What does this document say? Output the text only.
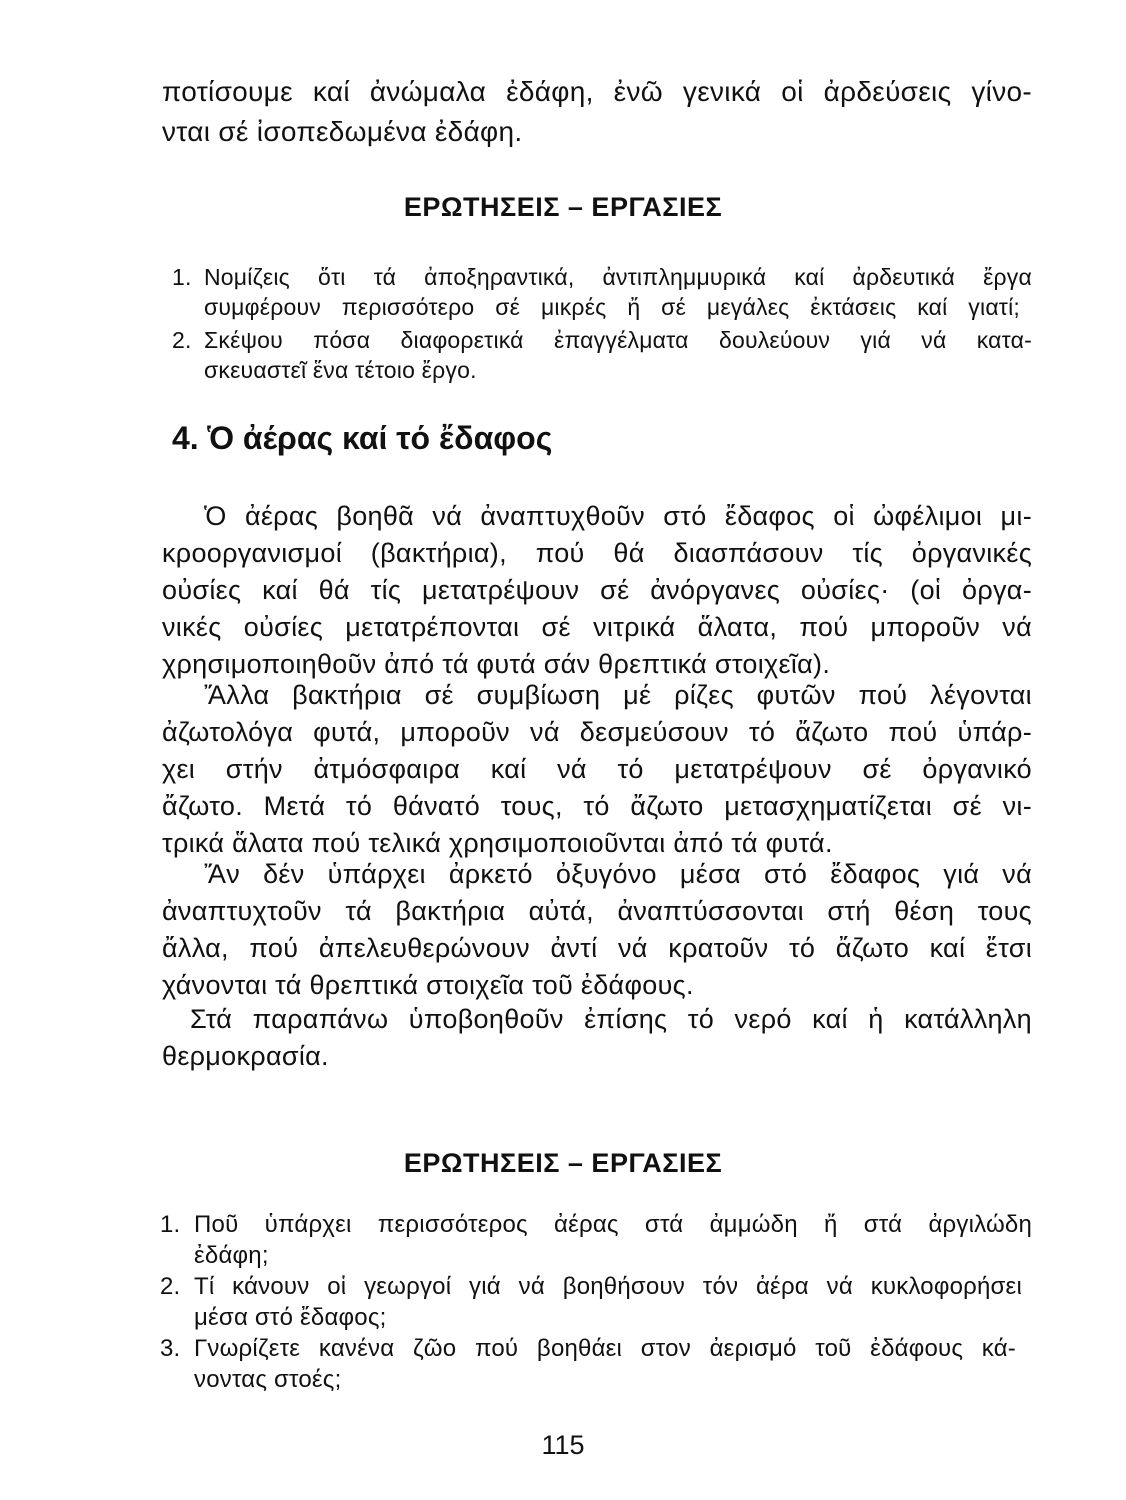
ποτίσουμε καί ἀνώμαλα ἐδάφη, ἐνῶ γενικά οἱ ἀρδεύσεις γίνο-
νται σέ ἰσοπεδωμένα ἐδάφη.
ΕΡΩΤΗΣΕΙΣ – ΕΡΓΑΣΙΕΣ
1. Νομίζεις ὅτι τά ἀποξηραντικά, ἀντιπλημμυρικά καί ἀρδευτικά ἔργα
συμφέρουν περισσότερο σέ μικρές ἤ σέ μεγάλες ἐκτάσεις καί γιατί;
2. Σκέψου πόσα διαφορετικά ἐπαγγέλματα δουλεύουν γιά νά κατα-
σκευαστεῖ ἕνα τέτοιο ἔργο.
4. Ὁ ἀέρας καί τό ἔδαφος
Ὁ ἀέρας βοηθᾶ νά ἀναπτυχθοῦν στό ἔδαφος οἱ ὠφέλιμοι μι-
κροοργανισμοί (βακτήρια), πού θά διασπάσουν τίς ὀργανικές
οὐσίες καί θά τίς μετατρέψουν σέ ἀνόργανες οὐσίες· (οἱ ὀργα-
νικές οὐσίες μετατρέπονται σέ νιτρικά ἅλατα, πού μποροῦν νά
χρησιμοποιηθοῦν ἀπό τά φυτά σάν θρεπτικά στοιχεῖα).
Ἄλλα βακτήρια σέ συμβίωση μέ ρίζες φυτῶν πού λέγονται
ἀζωτολόγα φυτά, μποροῦν νά δεσμεύσουν τό ἄζωτο πού ὑπάρ-
χει στήν ἀτμόσφαιρα καί νά τό μετατρέψουν σέ ὀργανικό
ἄζωτο. Μετά τό θάνατό τους, τό ἄζωτο μετασχηματίζεται σέ νι-
τρικά ἅλατα πού τελικά χρησιμοποιοῦνται ἀπό τά φυτά.
Ἄν δέν ὑπάρχει ἀρκετό ὀξυγόνο μέσα στό ἔδαφος γιά νά
ἀναπτυχτοῦν τά βακτήρια αὐτά, ἀναπτύσσονται στή θέση τους
ἄλλα, πού ἀπελευθερώνουν ἀντί νά κρατοῦν τό ἄζωτο καί ἔτσι
χάνονται τά θρεπτικά στοιχεῖα τοῦ ἐδάφους.
Στά παραπάνω ὑποβοηθοῦν ἐπίσης τό νερό καί ἡ κατάλληλη
θερμοκρασία.
ΕΡΩΤΗΣΕΙΣ – ΕΡΓΑΣΙΕΣ
1. Ποῦ ὑπάρχει περισσότερος ἀέρας στά ἀμμώδη ἤ στά ἀργιλώδη
ἐδάφη;
2. Τί κάνουν οἱ γεωργοί γιά νά βοηθήσουν τόν ἀέρα νά κυκλοφορήσει
μέσα στό ἔδαφος;
3. Γνωρίζετε κανένα ζῶο πού βοηθάει στον ἀερισμό τοῦ ἐδάφους κά-
νοντας στοές;
115
